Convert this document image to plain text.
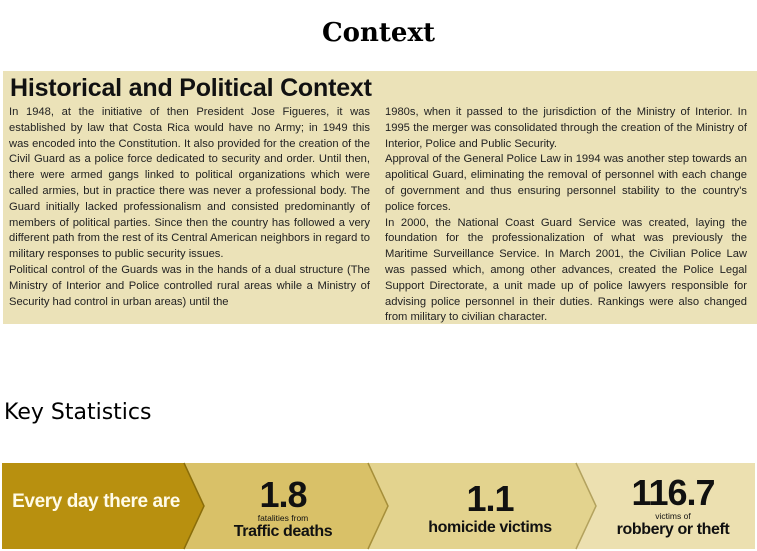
Context
Historical and Political Context

In 1948, at the initiative of then President Jose Figueres, it was established by law that Costa Rica would have no Army; in 1949 this was encoded into the Constitution. It also provided for the creation of the Civil Guard as a police force dedicated to security and order. Until then, there were armed gangs linked to political organizations which were called armies, but in practice there was never a professional body. The Guard initially lacked professionalism and consisted predominantly of members of political parties. Since then the country has followed a very different path from the rest of its Central American neighbors in regard to military responses to public security issues.

Political control of the Guards was in the hands of a dual structure (The Ministry of Interior and Police controlled rural areas while a Ministry of Security had control in urban areas) until the

1980s, when it passed to the jurisdiction of the Ministry of Interior. In 1995 the merger was consolidated through the creation of the Ministry of Interior, Police and Public Security.

Approval of the General Police Law in 1994 was another step towards an apolitical Guard, eliminating the removal of personnel with each change of government and thus ensuring personnel stability to the country's police forces.

In 2000, the National Coast Guard Service was created, laying the foundation for the professionalization of what was previously the Maritime Surveillance Service. In March 2001, the Civilian Police Law was passed which, among other advances, created the Police Legal Support Directorate, a unit made up of police lawyers responsible for advising police personnel in their duties. Rankings were also changed from military to civilian character.

Key Statistics
Every day there are	1.8
fatalities from
Traffic deaths
1.1
homicide victims
116.7
victims of
robbery or theft
